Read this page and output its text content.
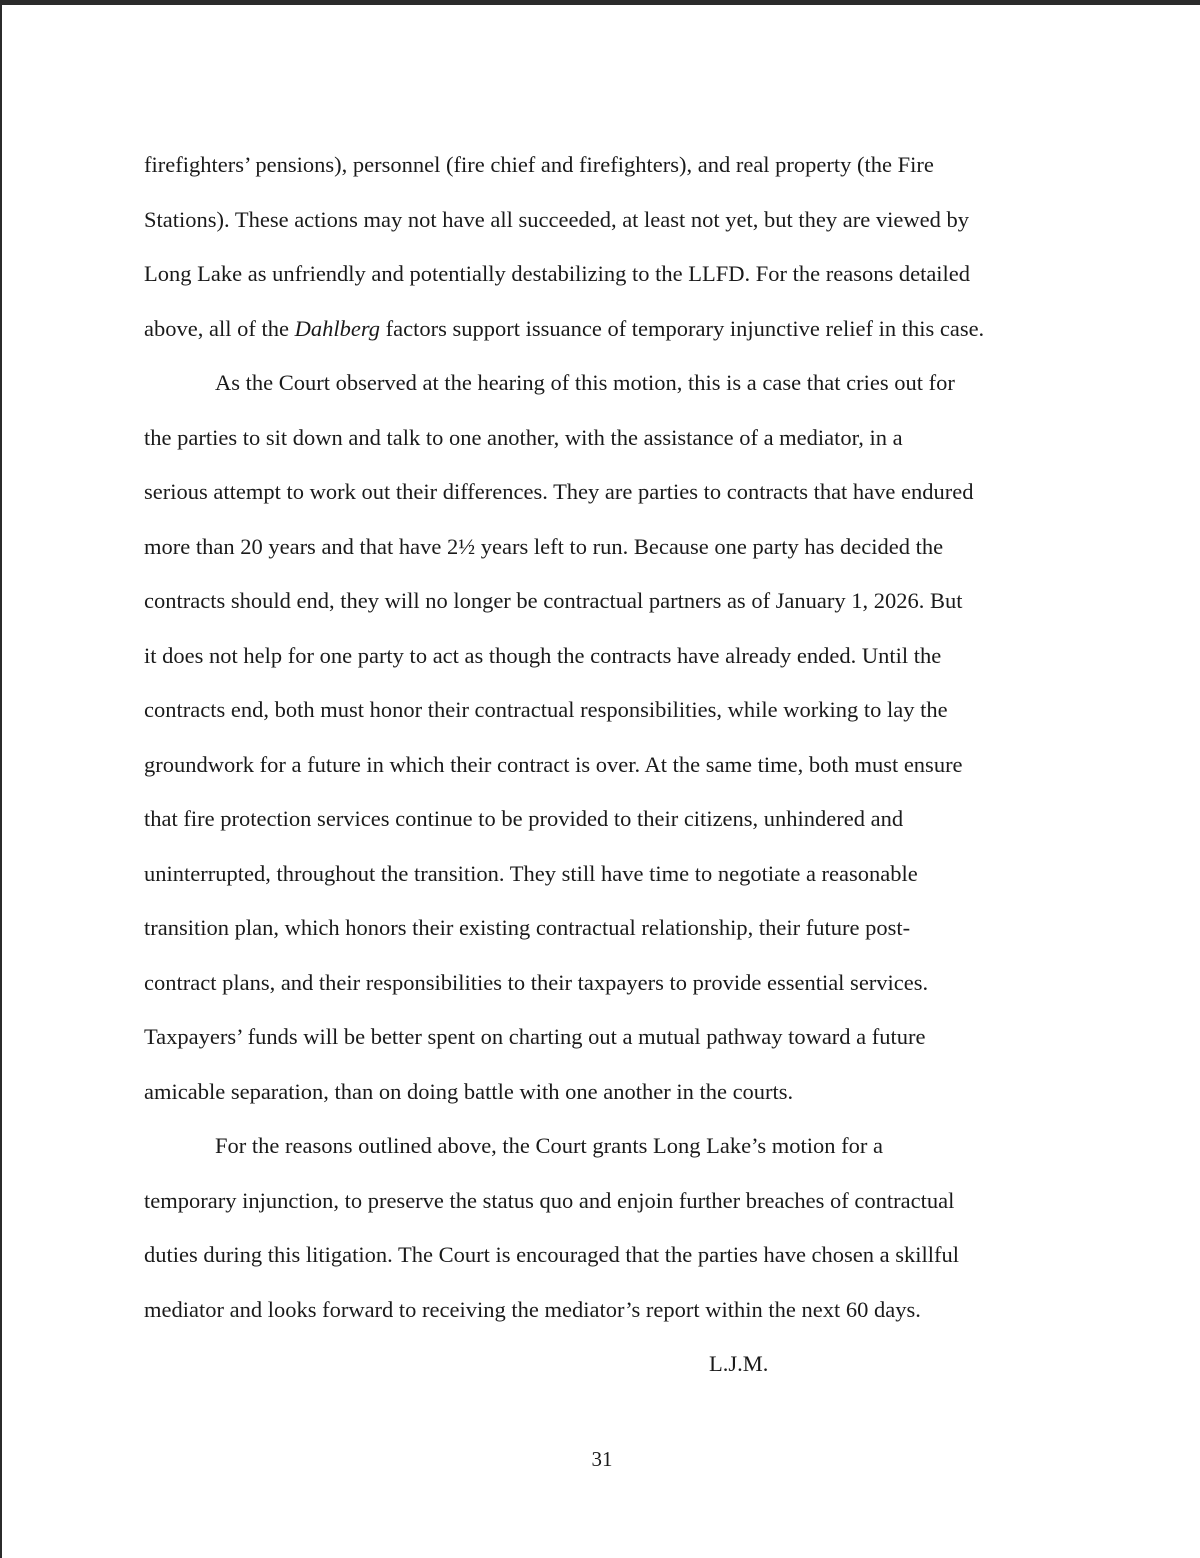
firefighters’ pensions), personnel (fire chief and firefighters), and real property (the Fire
Stations). These actions may not have all succeeded, at least not yet, but they are viewed by
Long Lake as unfriendly and potentially destabilizing to the LLFD. For the reasons detailed
above, all of the Dahlberg factors support issuance of temporary injunctive relief in this case.
As the Court observed at the hearing of this motion, this is a case that cries out for
the parties to sit down and talk to one another, with the assistance of a mediator, in a
serious attempt to work out their differences. They are parties to contracts that have endured
more than 20 years and that have 2½ years left to run. Because one party has decided the
contracts should end, they will no longer be contractual partners as of January 1, 2026. But
it does not help for one party to act as though the contracts have already ended. Until the
contracts end, both must honor their contractual responsibilities, while working to lay the
groundwork for a future in which their contract is over. At the same time, both must ensure
that fire protection services continue to be provided to their citizens, unhindered and
uninterrupted, throughout the transition. They still have time to negotiate a reasonable
transition plan, which honors their existing contractual relationship, their future post-
contract plans, and their responsibilities to their taxpayers to provide essential services.
Taxpayers’ funds will be better spent on charting out a mutual pathway toward a future
amicable separation, than on doing battle with one another in the courts.
For the reasons outlined above, the Court grants Long Lake’s motion for a
temporary injunction, to preserve the status quo and enjoin further breaches of contractual
duties during this litigation. The Court is encouraged that the parties have chosen a skillful
mediator and looks forward to receiving the mediator’s report within the next 60 days.
L.J.M.
31
